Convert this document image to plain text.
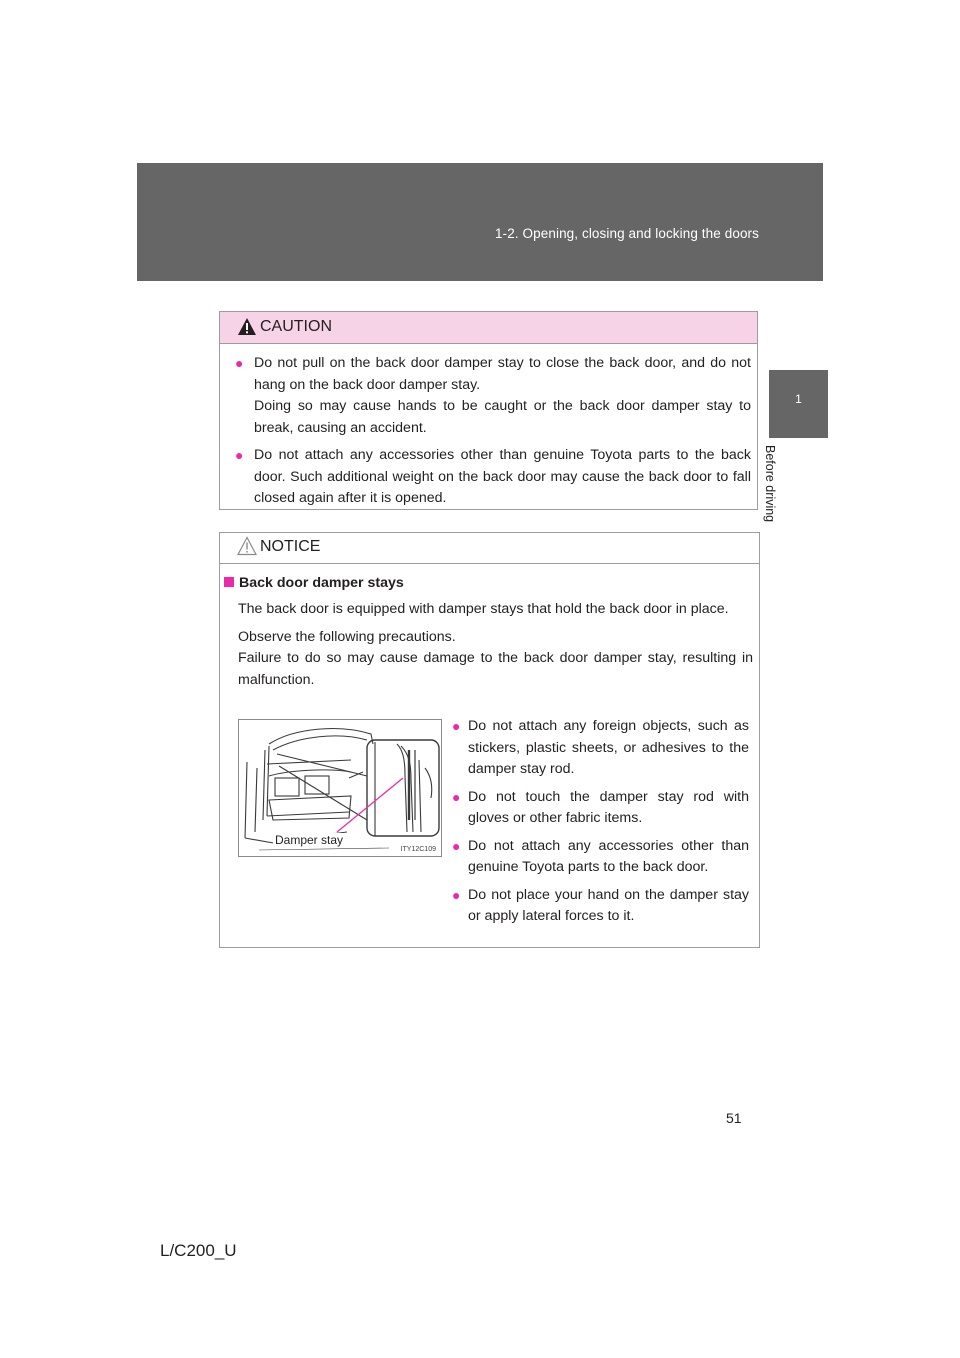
1-2. Opening, closing and locking the doors
1
Before driving
CAUTION
● Do not pull on the back door damper stay to close the back door, and do not hang on the back door damper stay.

Doing so may cause hands to be caught or the back door damper stay to break, causing an accident.

● Do not attach any accessories other than genuine Toyota parts to the back door. Such additional weight on the back door may cause the back door to fall closed again after it is opened.

NOTICE
Back door damper stays

The back door is equipped with damper stays that hold the back door in place.

Observe the following precautions.

Failure to do so may cause damage to the back door damper stay, resulting in malfunction.

Damper stay
ITY12C109
● Do not attach any foreign objects, such as stickers, plastic sheets, or adhesives to the damper stay rod.

● Do not touch the damper stay rod with gloves or other fabric items.

● Do not attach any accessories other than genuine Toyota parts to the back door.

● Do not place your hand on the damper stay or apply lateral forces to it.

51
L/C200_U
